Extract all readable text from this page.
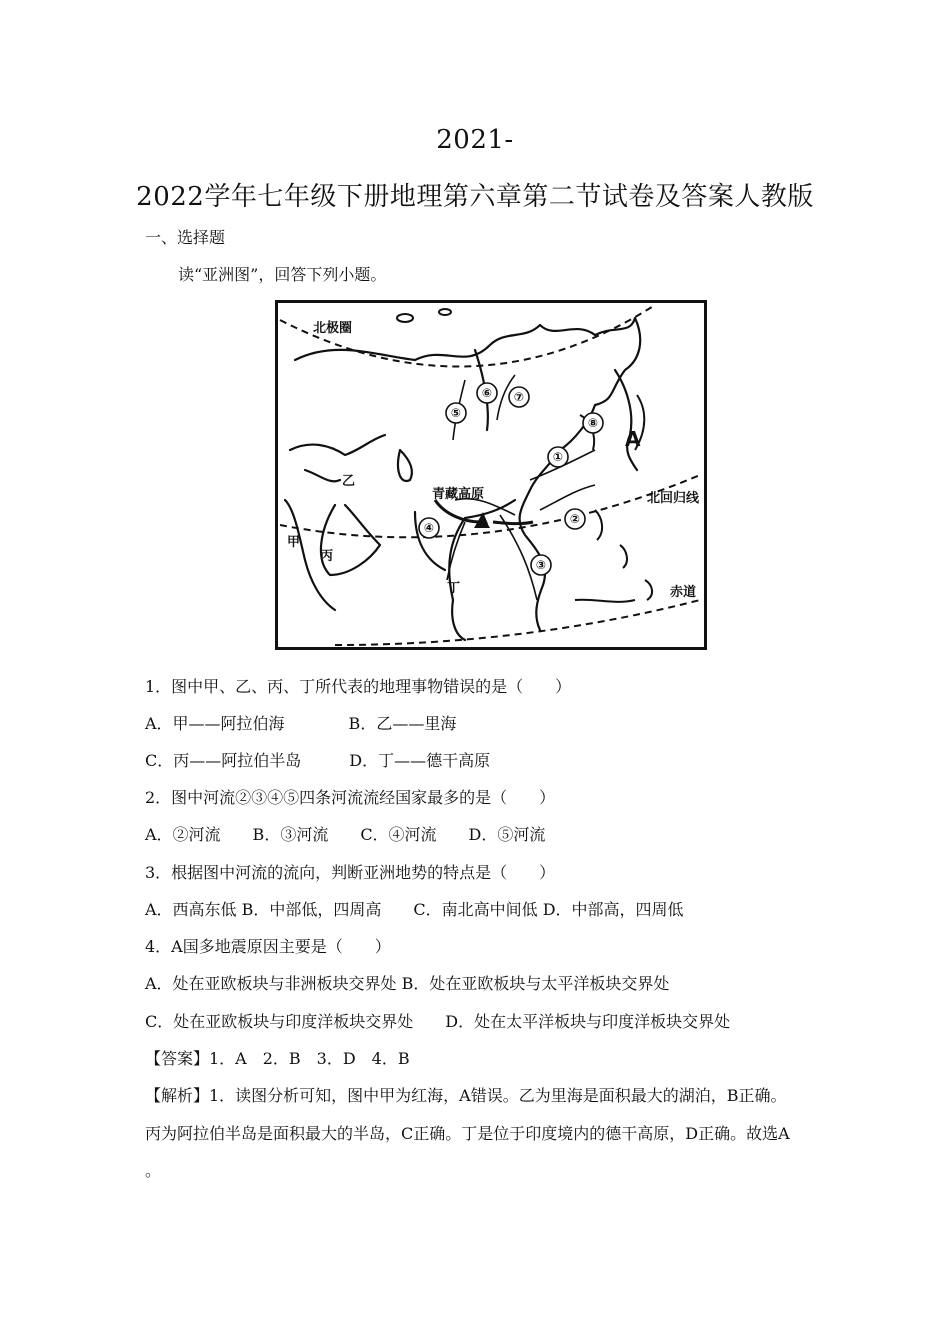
2021-
2022学年七年级下册地理第六章第二节试卷及答案人教版
一、选择题
读“亚洲图”，回答下列小题。
北极圈
北回归线
赤道
青藏高原
A
甲
乙
丙
丁
①
②
③
④
⑤
⑥ ⑦
⑧
1．图中甲、乙、丙、丁所代表的地理事物错误的是（　　）
A．甲——阿拉伯海　　　　B．乙——里海
C．丙——阿拉伯半岛　　　D．丁——德干高原
2．图中河流②③④⑤四条河流流经国家最多的是（　　）
A．②河流　　B．③河流　　C．④河流　　D．⑤河流
3．根据图中河流的流向，判断亚洲地势的特点是（　　）
A．西高东低 B．中部低，四周高　　C．南北高中间低 D．中部高，四周低
4．A国多地震原因主要是（　　）
A．处在亚欧板块与非洲板块交界处 B．处在亚欧板块与太平洋板块交界处
C．处在亚欧板块与印度洋板块交界处　　D．处在太平洋板块与印度洋板块交界处
【答案】1．A　2．B　3．D　4．B
【解析】1．读图分析可知，图中甲为红海，A错误。乙为里海是面积最大的湖泊，B正确。
丙为阿拉伯半岛是面积最大的半岛，C正确。丁是位于印度境内的德干高原，D正确。故选A
。
